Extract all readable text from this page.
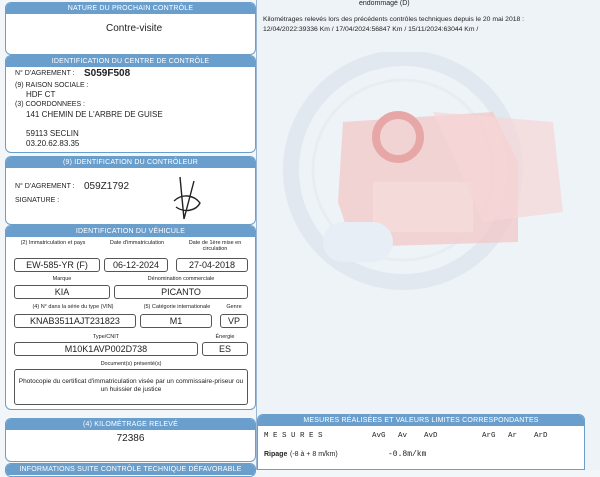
NATURE DU PROCHAIN CONTRÔLE
Contre-visite
IDENTIFICATION DU CENTRE DE CONTRÔLE
N° D'AGREMENT : S059F508
(9) RAISON SOCIALE :
HDF CT
(3) COORDONNEES :
141 CHEMIN DE L'ARBRE DE GUISE
59113 SECLIN
03.20.62.83.35
(9) IDENTIFICATION DU CONTRÔLEUR
N° D'AGREMENT : 059Z1792
SIGNATURE :
IDENTIFICATION DU VÉHICULE
(2) Immatriculation et pays	Date d'immatriculation	Date de 1ère mise en circulation
EW-585-YR (F)	06-12-2024	27-04-2018
Marque	Dénomination commerciale
KIA	PICANTO
(4) N° dans la série du type (VIN)	(5) Catégorie internationale	Genre
KNAB3511AJT231823	M1	VP
Type/CNIT	Énergie
M10K1AVP002D738	ES
Document(s) présenté(s)
Photocopie du certificat d'immatriculation visée par un commissaire-priseur ou un huissier de justice
(4) KILOMÉTRAGE RELEVÉ
72386
INFORMATIONS SUITE CONTRÔLE TECHNIQUE DÉFAVORABLE
endommagé (D)
Kilométrages relevés lors des précédents contrôles techniques depuis le 20 mai 2018 :
12/04/2022:39336 Km / 17/04/2024:56847 Km / 15/11/2024:63044 Km /
MESURES RÉALISÉES ET VALEURS LIMITES CORRESPONDANTES
M E S U R E S	AvG Av AvD	ArG Ar ArD
Ripage (-8 à + 8 m/km)	-0.8m/km
